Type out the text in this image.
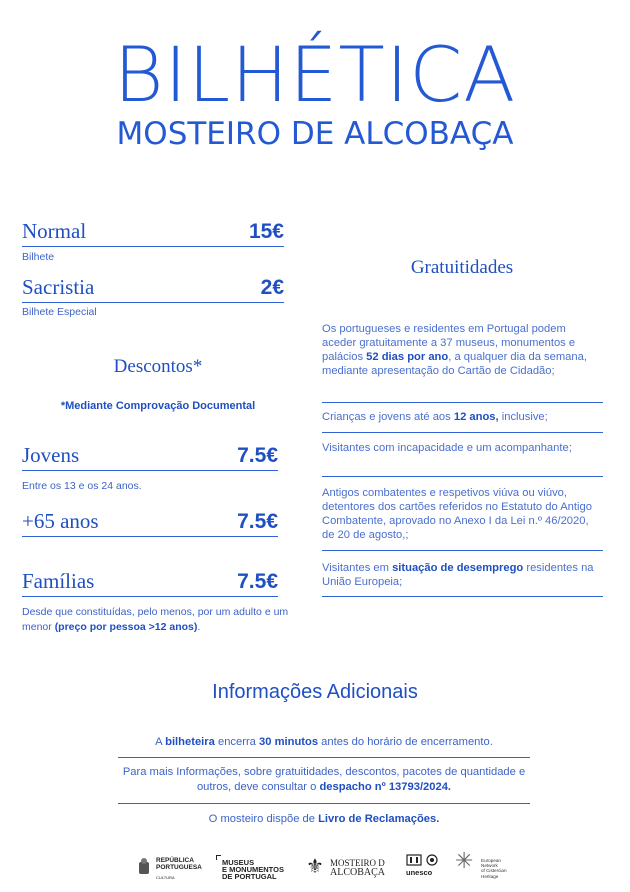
BILHÉTICA
MOSTEIRO DE ALCOBAÇA
Normal	15€
Bilhete
Sacristia	2€
Bilhete Especial
Descontos*
*Mediante Comprovação Documental
Jovens	7.5€
Entre os 13 e os 24 anos.
+65 anos	7.5€
Famílias	7.5€
Desde que constituídas, pelo menos, por um adulto e um menor (preço por pessoa >12 anos).
Gratuitidades
Os portugueses e residentes em Portugal podem aceder gratuitamente a 37 museus, monumentos e palácios 52 dias por ano, a qualquer dia da semana, mediante apresentação do Cartão de Cidadão;
Crianças e jovens até aos 12 anos, inclusive;
Visitantes com incapacidade e um acompanhante;
Antigos combatentes e respetivos viúva ou viúvo, detentores dos cartões referidos no Estatuto do Antigo Combatente, aprovado no Anexo I da Lei n.º 46/2020, de 20 de agosto,;
Visitantes em situação de desemprego residentes na União Europeia;
Informações Adicionais
A bilheteira encerra 30 minutos antes do horário de encerramento.
Para mais Informações, sobre gratuitidades, descontos, pacotes de quantidade e outros, deve consultar o despacho nº 13793/2024.
O mosteiro dispõe de Livro de Reclamações.
REPÚBLICA
PORTUGUESA
CULTURA
MUSEUS
E MONUMENTOS
DE PORTUGAL ⚜ MOSTEIRO D
ALCOBAÇA	unesco ✳ European
Network
of Cistercian
Heritage
